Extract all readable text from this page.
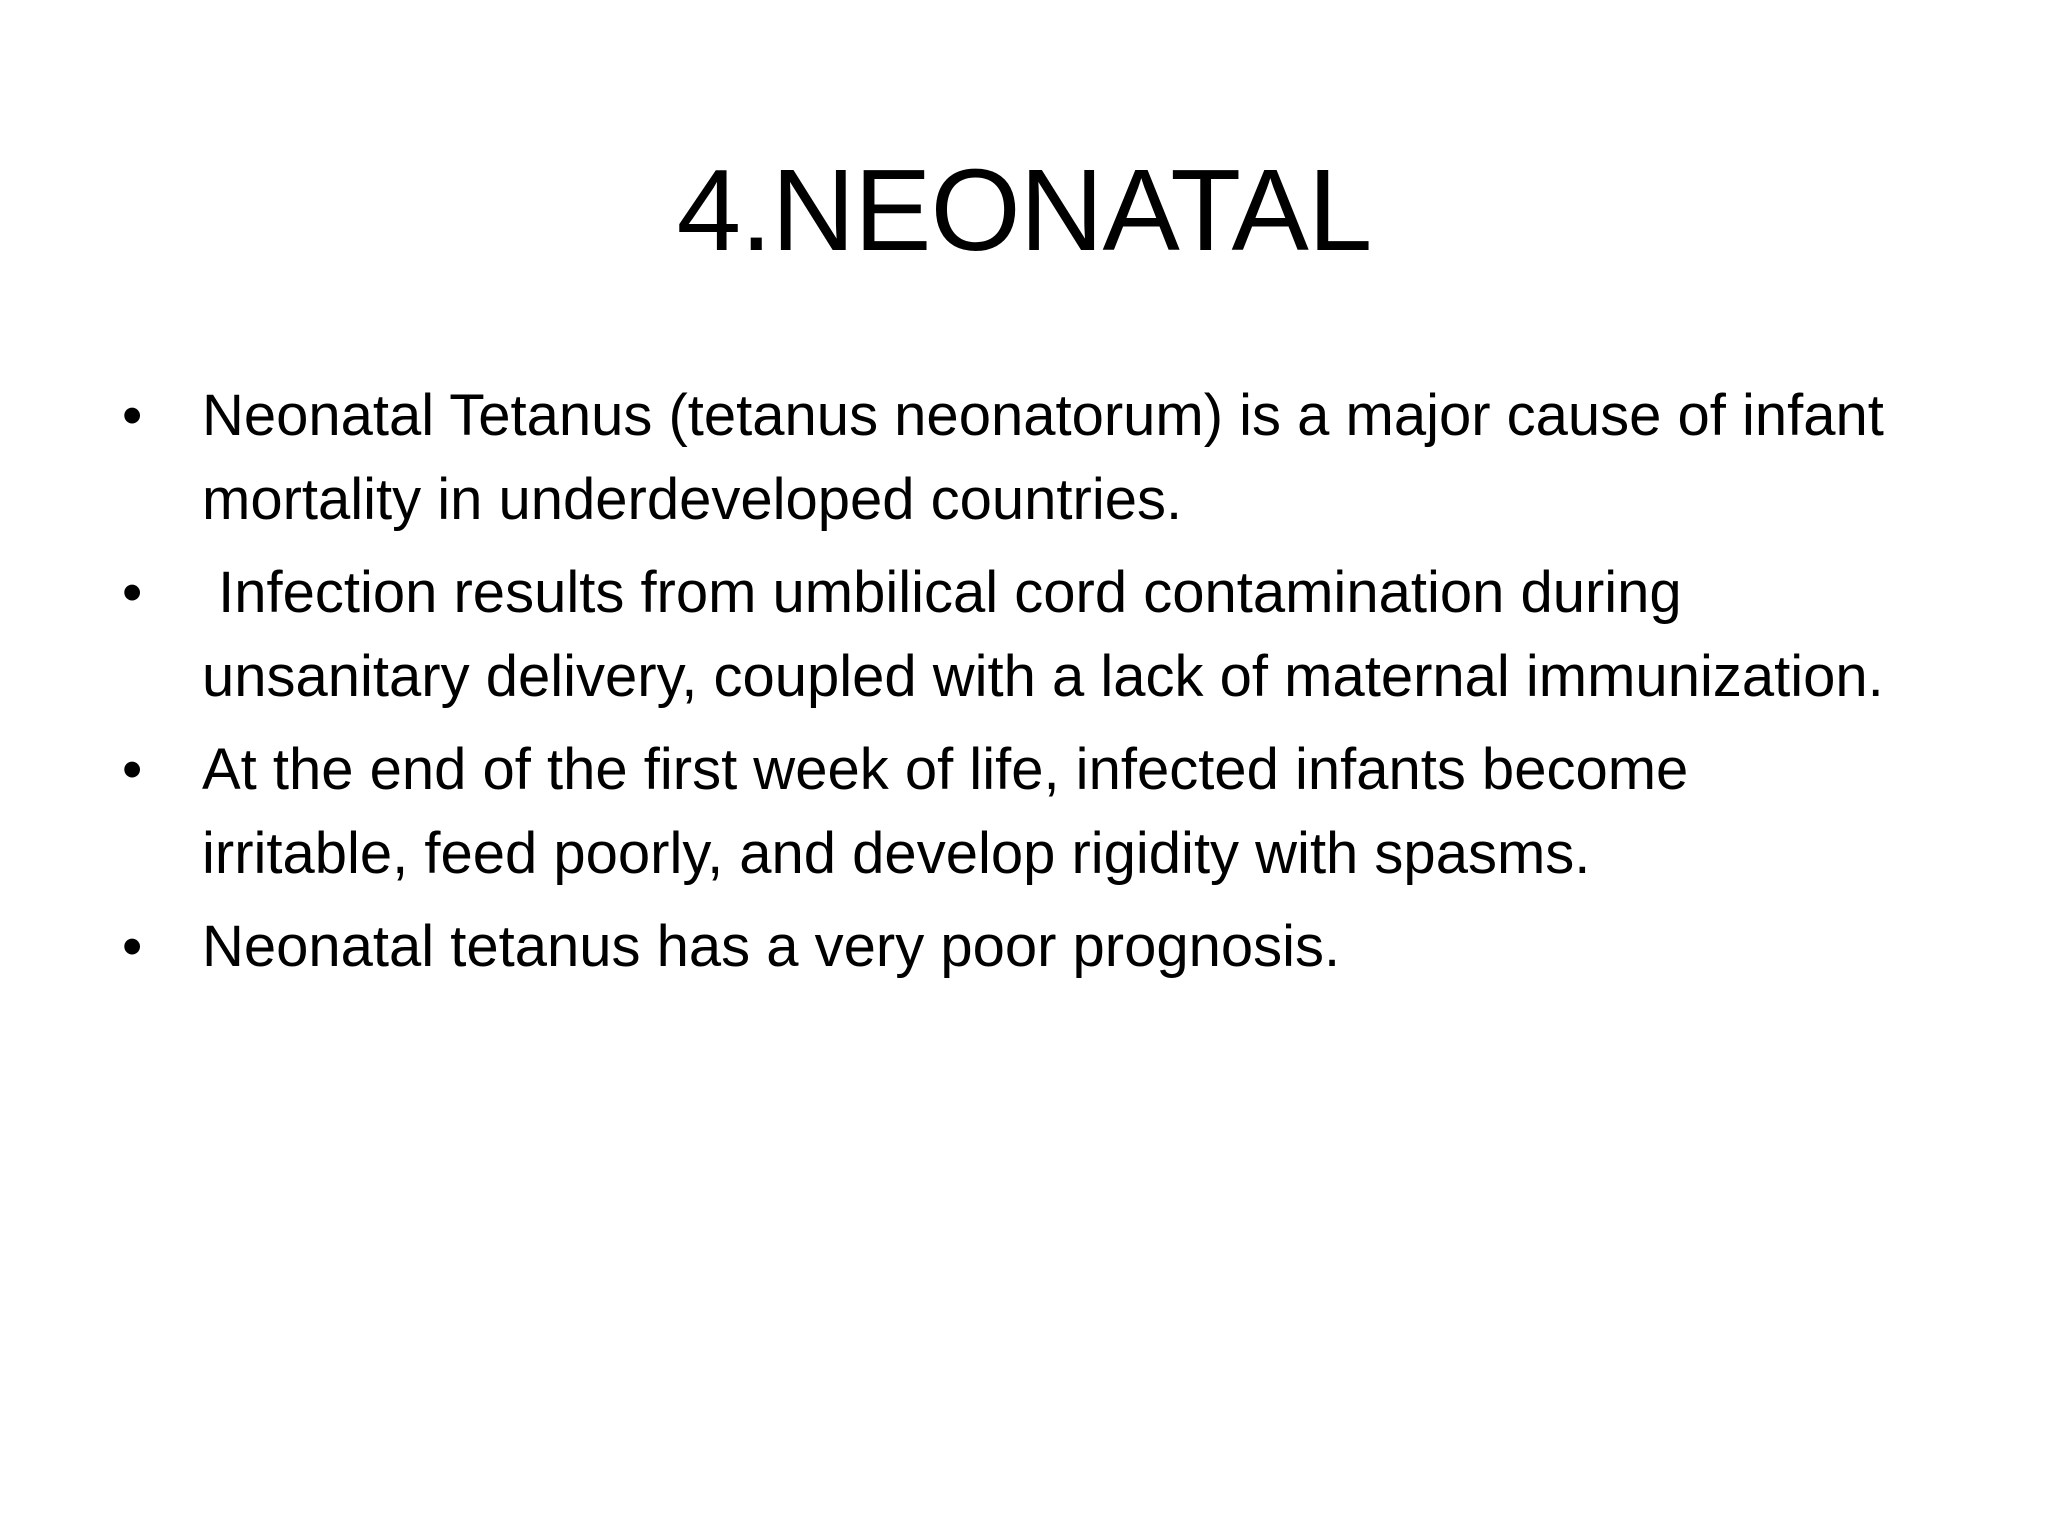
4.NEONATAL
•	Neonatal Tetanus (tetanus neonatorum) is a major cause of infant mortality in underdeveloped countries.
•	Infection results from umbilical cord contamination during unsanitary delivery, coupled with a lack of maternal immunization.
•	At the end of the first week of life, infected infants become irritable, feed poorly, and develop rigidity with spasms.
•	Neonatal tetanus has a very poor prognosis.
